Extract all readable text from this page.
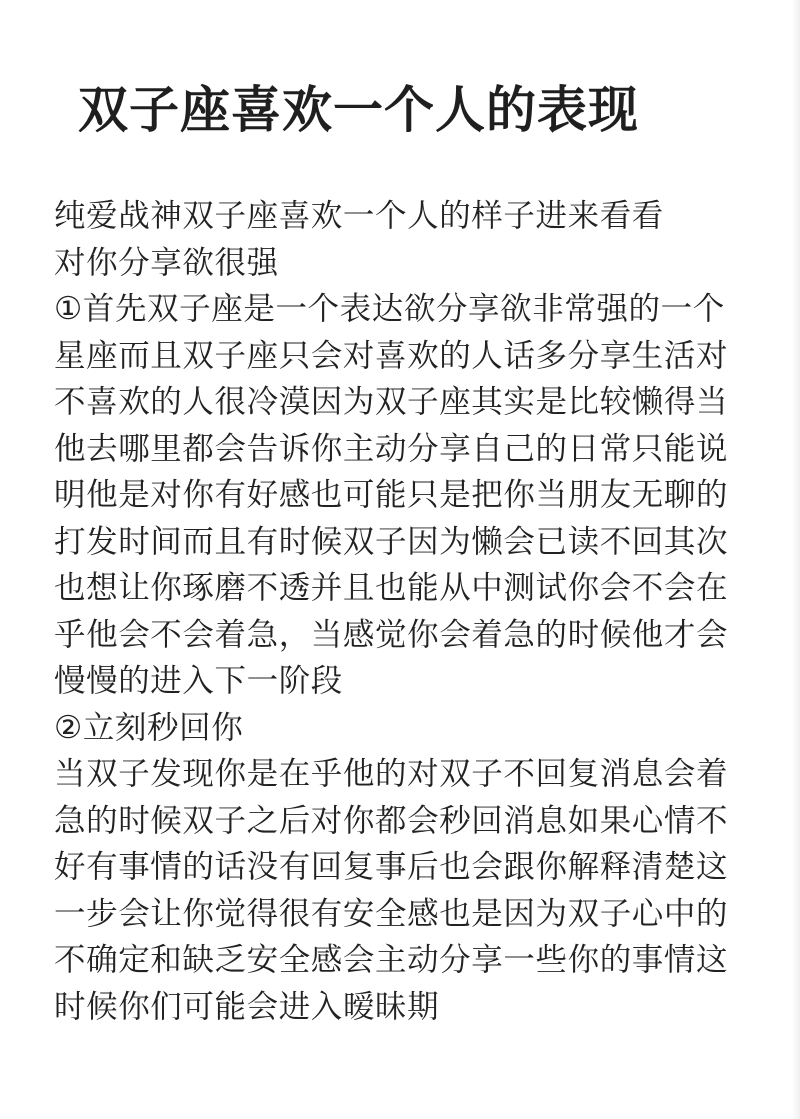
双子座喜欢一个人的表现
纯爱战神双子座喜欢一个人的样子进来看看
对你分享欲很强
①首先双子座是一个表达欲分享欲非常强的一个
星座而且双子座只会对喜欢的人话多分享生活对
不喜欢的人很冷漠因为双子座其实是比较懒得当
他去哪里都会告诉你主动分享自己的日常只能说
明他是对你有好感也可能只是把你当朋友无聊的
打发时间而且有时候双子因为懒会已读不回其次
也想让你琢磨不透并且也能从中测试你会不会在
乎他会不会着急，当感觉你会着急的时候他才会
慢慢的进入下一阶段
②立刻秒回你
当双子发现你是在乎他的对双子不回复消息会着
急的时候双子之后对你都会秒回消息如果心情不
好有事情的话没有回复事后也会跟你解释清楚这
一步会让你觉得很有安全感也是因为双子心中的
不确定和缺乏安全感会主动分享一些你的事情这
时候你们可能会进入暧昧期
